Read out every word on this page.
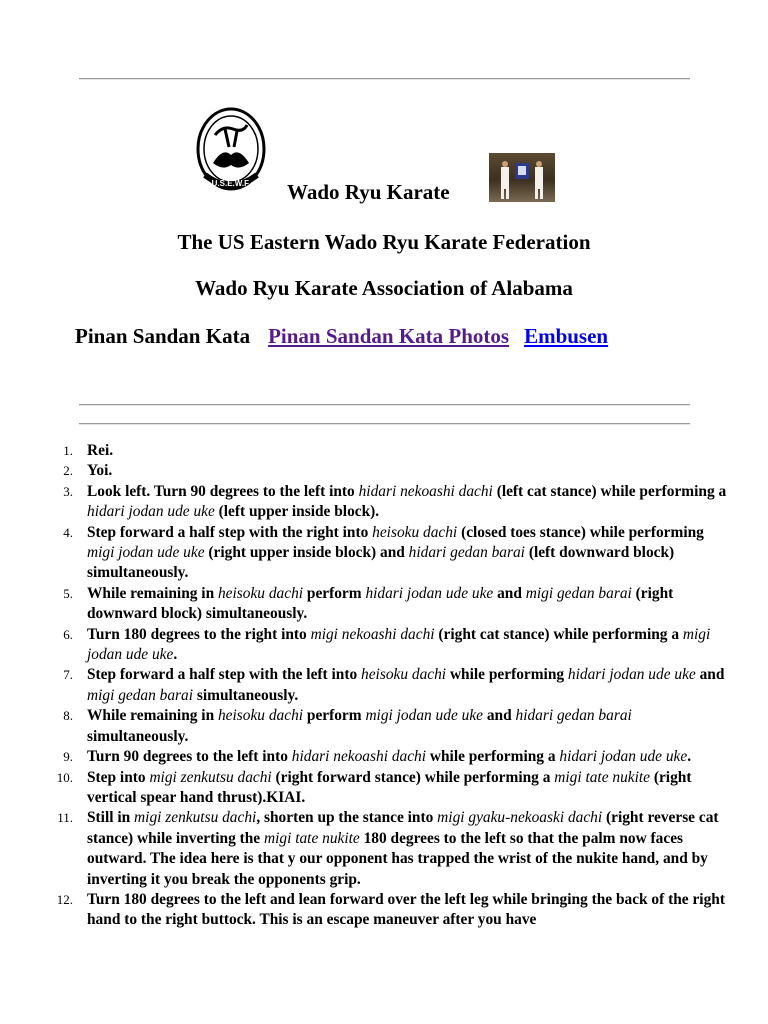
U.S.E.W.F. Wado Ryu Karate
The US Eastern Wado Ryu Karate Federation
Wado Ryu Karate Association of Alabama
Pinan Sandan Kata Pinan Sandan Kata Photos Embusen
1. Rei.
2. Yoi.
3. Look left. Turn 90 degrees to the left into hidari nekoashi dachi (left cat stance) while performing a hidari jodan ude uke (left upper inside block).
4. Step forward a half step with the right into heisoku dachi (closed toes stance) while performing migi jodan ude uke (right upper inside block) and hidari gedan barai (left downward block) simultaneously.
5. While remaining in heisoku dachi perform hidari jodan ude uke and migi gedan barai (right downward block) simultaneously.
6. Turn 180 degrees to the right into migi nekoashi dachi (right cat stance) while performing a migi jodan ude uke.
7. Step forward a half step with the left into heisoku dachi while performing hidari jodan ude uke and migi gedan barai simultaneously.
8. While remaining in heisoku dachi perform migi jodan ude uke and hidari gedan barai simultaneously.
9. Turn 90 degrees to the left into hidari nekoashi dachi while performing a hidari jodan ude uke.
10. Step into migi zenkutsu dachi (right forward stance) while performing a migi tate nukite (right vertical spear hand thrust).KIAI.
11. Still in migi zenkutsu dachi, shorten up the stance into migi gyaku-nekoaski dachi (right reverse cat stance) while inverting the migi tate nukite 180 degrees to the left so that the palm now faces outward. The idea here is that y our opponent has trapped the wrist of the nukite hand, and by inverting it you break the opponents grip.
12. Turn 180 degrees to the left and lean forward over the left leg while bringing the back of the right hand to the right buttock. This is an escape maneuver after you have
